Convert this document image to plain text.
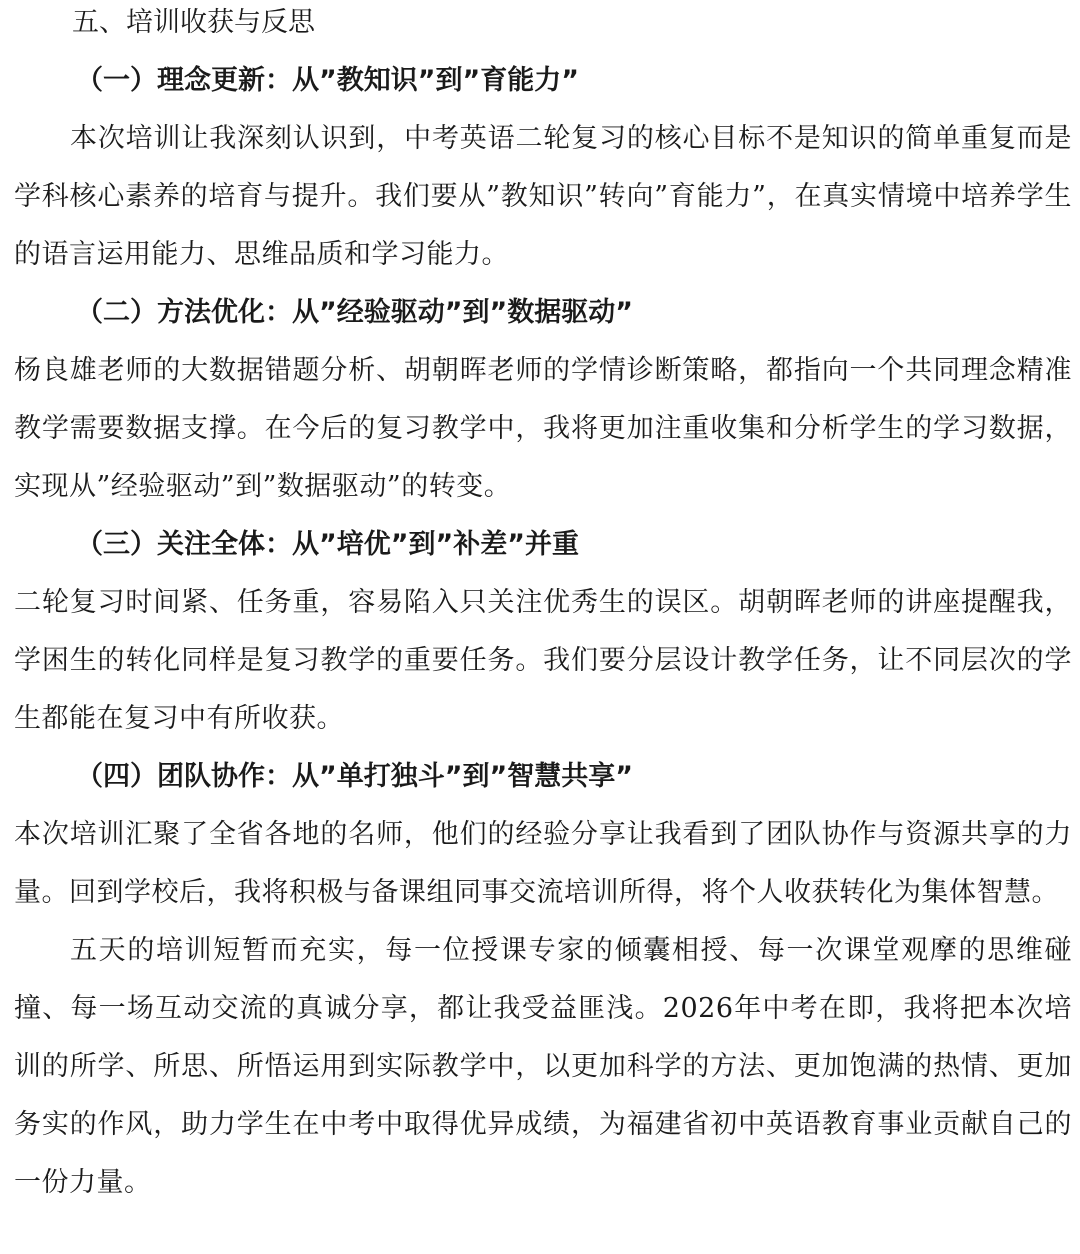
五、培训收获与反思
（一）理念更新：从”教知识”到”育能力”

本次培训让我深刻认识到，中考英语二轮复习的核心目标不是知识的简单重复而是学科核心素养的培育与提升。我们要从”教知识”转向”育能力”，在真实情境中培养学生的语言运用能力、思维品质和学习能力。

（二）方法优化：从”经验驱动”到”数据驱动”

杨良雄老师的大数据错题分析、胡朝晖老师的学情诊断策略，都指向一个共同理念精准教学需要数据支撑。在今后的复习教学中，我将更加注重收集和分析学生的学习数据，实现从”经验驱动”到”数据驱动”的转变。

（三）关注全体：从”培优”到”补差”并重

二轮复习时间紧、任务重，容易陷入只关注优秀生的误区。胡朝晖老师的讲座提醒我，学困生的转化同样是复习教学的重要任务。我们要分层设计教学任务，让不同层次的学生都能在复习中有所收获。

（四）团队协作：从”单打独斗”到”智慧共享”

本次培训汇聚了全省各地的名师，他们的经验分享让我看到了团队协作与资源共享的力量。回到学校后，我将积极与备课组同事交流培训所得，将个人收获转化为集体智慧。

五天的培训短暂而充实，每一位授课专家的倾囊相授、每一次课堂观摩的思维碰撞、每一场互动交流的真诚分享，都让我受益匪浅。2026年中考在即，我将把本次培训的所学、所思、所悟运用到实际教学中，以更加科学的方法、更加饱满的热情、更加务实的作风，助力学生在中考中取得优异成绩，为福建省初中英语教育事业贡献自己的一份力量。
